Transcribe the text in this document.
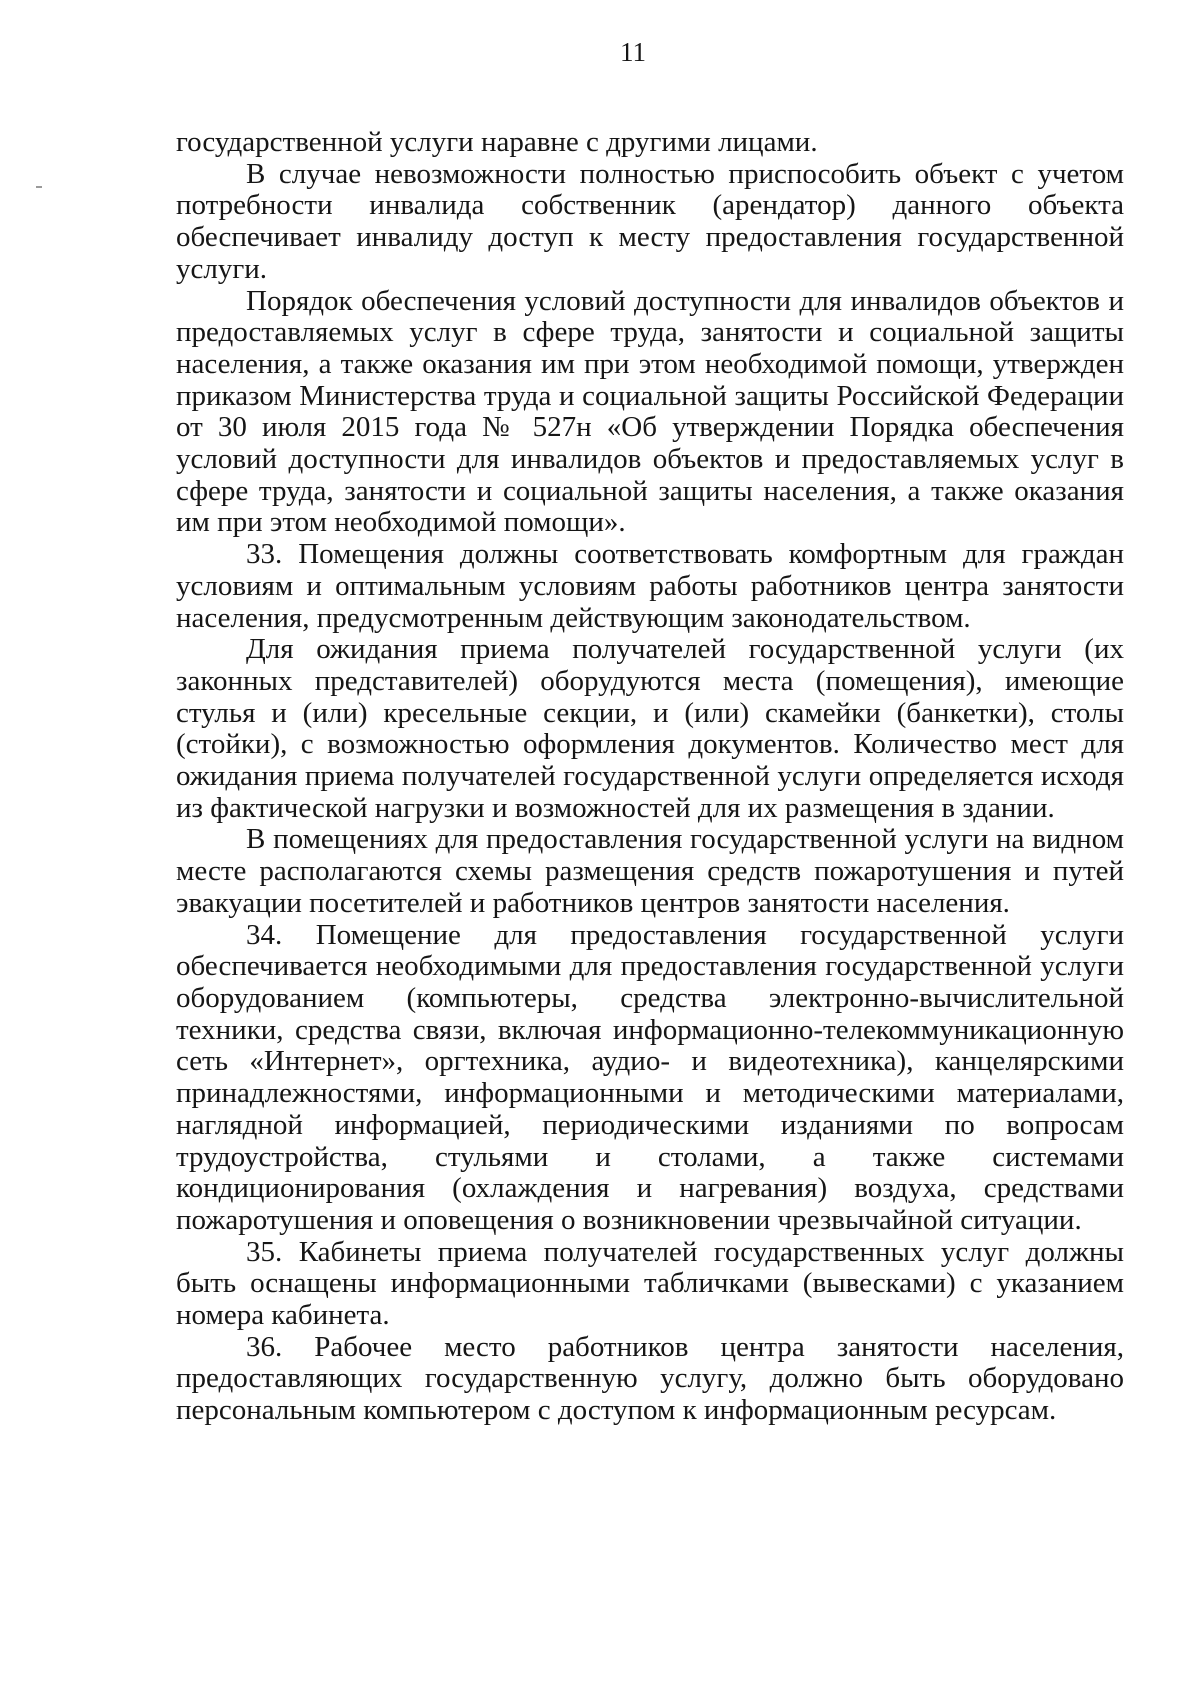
11

государственной услуги наравне с другими лицами.

В случае невозможности полностью приспособить объект с учетом потребности инвалида собственник (арендатор) данного объекта обеспечивает инвалиду доступ к месту предоставления государственной услуги.

Порядок обеспечения условий доступности для инвалидов объектов и предоставляемых услуг в сфере труда, занятости и социальной защиты населения, а также оказания им при этом необходимой помощи, утвержден приказом Министерства труда и социальной защиты Российской Федерации от 30 июля 2015 года № 527н «Об утверждении Порядка обеспечения условий доступности для инвалидов объектов и предоставляемых услуг в сфере труда, занятости и социальной защиты населения, а также оказания им при этом необходимой помощи».

33. Помещения должны соответствовать комфортным для граждан условиям и оптимальным условиям работы работников центра занятости населения, предусмотренным действующим законодательством.

Для ожидания приема получателей государственной услуги (их законных представителей) оборудуются места (помещения), имеющие стулья и (или) кресельные секции, и (или) скамейки (банкетки), столы (стойки), с возможностью оформления документов. Количество мест для ожидания приема получателей государственной услуги определяется исходя из фактической нагрузки и возможностей для их размещения в здании.

В помещениях для предоставления государственной услуги на видном месте располагаются схемы размещения средств пожаротушения и путей эвакуации посетителей и работников центров занятости населения.

34. Помещение для предоставления государственной услуги обеспечивается необходимыми для предоставления государственной услуги оборудованием (компьютеры, средства электронно-вычислительной техники, средства связи, включая информационно-телекоммуникационную сеть «Интернет», оргтехника, аудио- и видеотехника), канцелярскими принадлежностями, информационными и методическими материалами, наглядной информацией, периодическими изданиями по вопросам трудоустройства, стульями и столами, а также системами кондиционирования (охлаждения и нагревания) воздуха, средствами пожаротушения и оповещения о возникновении чрезвычайной ситуации.

35. Кабинеты приема получателей государственных услуг должны быть оснащены информационными табличками (вывесками) с указанием номера кабинета.

36. Рабочее место работников центра занятости населения, предоставляющих государственную услугу, должно быть оборудовано персональным компьютером с доступом к информационным ресурсам.
